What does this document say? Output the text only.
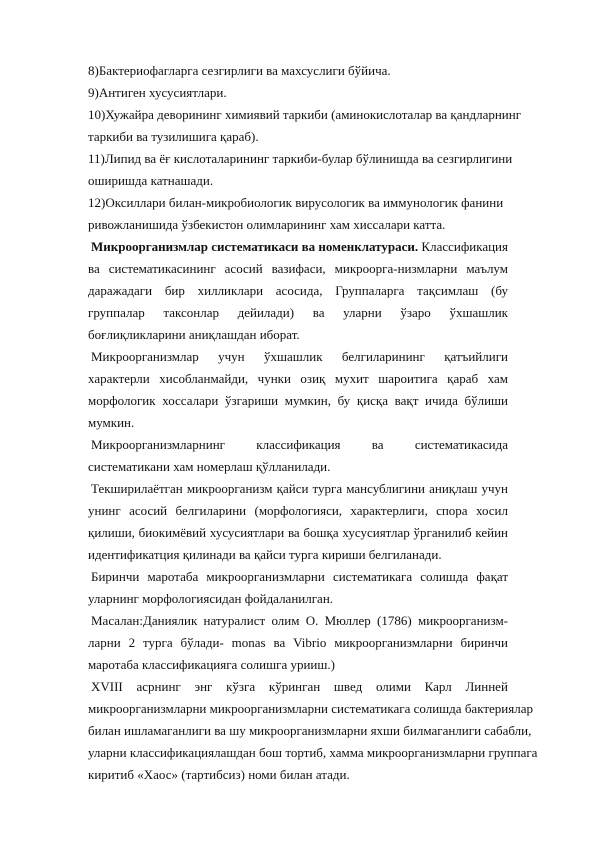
8)Бактериофагларга сезгирлиги ва махсуслиги бўйича.
9)Антиген хусусиятлари.
10)Хужайра деворининг химиявий таркиби (аминокислоталар ва қандларнинг
таркиби ва тузилишига қараб).
11)Липид ва ёғ кислоталарининг таркиби-булар бўлинишда ва сезгирлигини
оширишда катнашади.
12)Оксиллари билан-микробиологик вирусологик ва иммунологик фанини
ривожланишида ўзбекистон олимларининг хам хиссалари катта.

Микроорганизмлар систематикаси ва номенклатураси. Классификация ва систематикасининг асосий вазифаси, микроорга-низмларни маълум даражадаги бир хилликлари асосида, Группаларга тақсимлаш (бу группалар таксонлар дейилади) ва уларни ўзаро ўхшашлик боғлиқликларини аниқлашдан иборат.

Микроорганизмлар учун ўхшашлик белгиларининг қатъийлиги характерли хисобланмайди, чунки озиқ мухит шароитига қараб хам морфологик хоссалари ўзгариши мумкин, бу қисқа вақт ичида бўлиши мумкин.

Микроорганизмларнинг классификация ва систематикасида систематикани хам номерлаш қўлланилади.

Текширилаётган микроорганизм қайси турга мансублигини аниқлаш учун унинг асосий белгиларини (морфологияси, характерлиги, спора хосил қилиши, биокимёвий хусусиятлари ва бошқа хусусиятлар ўрганилиб кейин идентификатция қилинади ва қайси турга кириши белгиланади.

Биринчи маротаба микроорганизмларни систематикага солишда фақат уларнинг морфологиясидан фойдаланилган.

Масалан:Даниялик натуралист олим О. Мюллер (1786) микроорганизм-ларни 2 турга бўлади- monas ва Vibrio микроорганизмларни биринчи маротаба классификацияга солишга урииш.)

XVIII асрнинг энг кўзга кўринган швед олими Карл Линней
микроорганизмларни микроорганизмларни систематикага солишда бактериялар
билан ишламаганлиги ва шу микроорганизмларни яхши билмаганлиги сабабли,
уларни классификациялашдан бош тортиб, хамма микроорганизмларни группага
киритиб «Хаос» (тартибсиз) номи билан атади.
